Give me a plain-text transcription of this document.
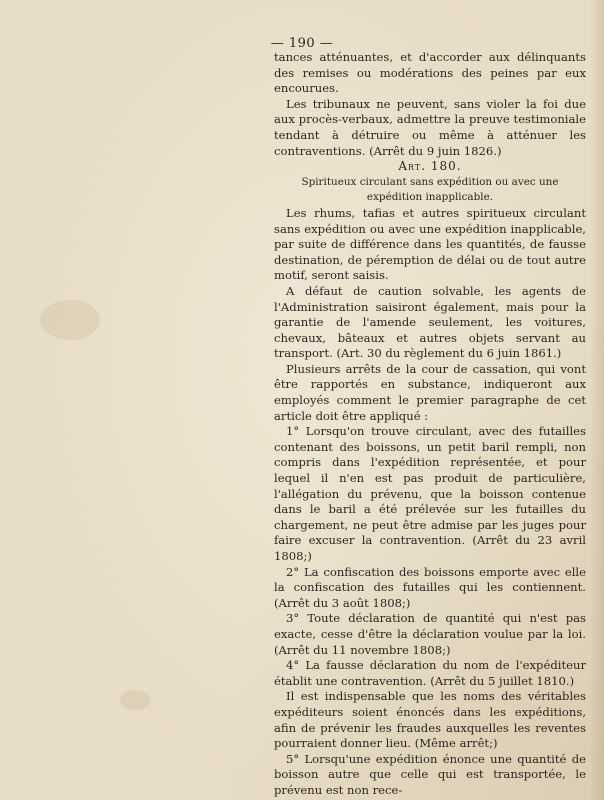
— 190 —

tances atténuantes, et d'accorder aux délinquants des remises ou modérations des peines par eux encourues.

Les tribunaux ne peuvent, sans violer la foi due aux procès-verbaux, admettre la preuve testimoniale tendant à détruire ou même à atténuer les contraventions. (Arrêt du 9 juin 1826.)

Art. 180.

Spiritueux circulant sans expédition ou avec une expédition inapplicable.

Les rhums, tafias et autres spiritueux circulant sans expédition ou avec une expédition inapplicable, par suite de différence dans les quantités, de fausse destination, de péremption de délai ou de tout autre motif, seront saisis.

A défaut de caution solvable, les agents de l'Administration saisiront également, mais pour la garantie de l'amende seulement, les voitures, chevaux, bâteaux et autres objets servant au transport. (Art. 30 du règlement du 6 juin 1861.)

Plusieurs arrêts de la cour de cassation, qui vont être rapportés en substance, indiqueront aux employés comment le premier paragraphe de cet article doit être appliqué :

1° Lorsqu'on trouve circulant, avec des futailles contenant des boissons, un petit baril rempli, non compris dans l'expédition représentée, et pour lequel il n'en est pas produit de particulière, l'allégation du prévenu, que la boisson contenue dans le baril a été prélevée sur les futailles du chargement, ne peut être admise par les juges pour faire excuser la contravention. (Arrêt du 23 avril 1808;)

2° La confiscation des boissons emporte avec elle la confiscation des futailles qui les contiennent. (Arrêt du 3 août 1808;)

3° Toute déclaration de quantité qui n'est pas exacte, cesse d'être la déclaration voulue par la loi. (Arrêt du 11 novembre 1808;)

4° La fausse déclaration du nom de l'expéditeur établit une contravention. (Arrêt du 5 juillet 1810.)

Il est indispensable que les noms des véritables expéditeurs soient énoncés dans les expéditions, afin de prévenir les fraudes auxquelles les reventes pourraient donner lieu. (Même arrêt;)

5° Lorsqu'une expédition énonce une quantité de boisson autre que celle qui est transportée, le prévenu est non rece-
